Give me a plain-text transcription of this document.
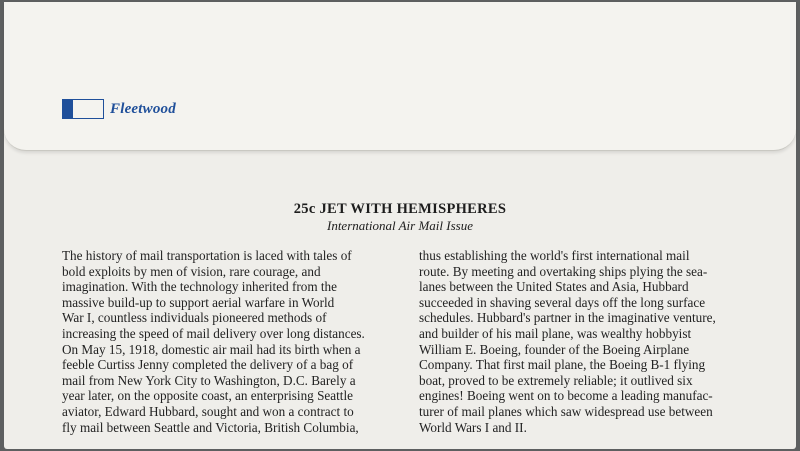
Fleetwood
25c JET WITH HEMISPHERES
International Air Mail Issue
The history of mail transportation is laced with tales of
bold exploits by men of vision, rare courage, and
imagination. With the technology inherited from the
massive build-up to support aerial warfare in World
War I, countless individuals pioneered methods of
increasing the speed of mail delivery over long distances.
On May 15, 1918, domestic air mail had its birth when a
feeble Curtiss Jenny completed the delivery of a bag of
mail from New York City to Washington, D.C. Barely a
year later, on the opposite coast, an enterprising Seattle
aviator, Edward Hubbard, sought and won a contract to
fly mail between Seattle and Victoria, British Columbia,
thus establishing the world's first international mail
route. By meeting and overtaking ships plying the sea-
lanes between the United States and Asia, Hubbard
succeeded in shaving several days off the long surface
schedules. Hubbard's partner in the imaginative venture,
and builder of his mail plane, was wealthy hobbyist
William E. Boeing, founder of the Boeing Airplane
Company. That first mail plane, the Boeing B-1 flying
boat, proved to be extremely reliable; it outlived six
engines! Boeing went on to become a leading manufac-
turer of mail planes which saw widespread use between
World Wars I and II.
